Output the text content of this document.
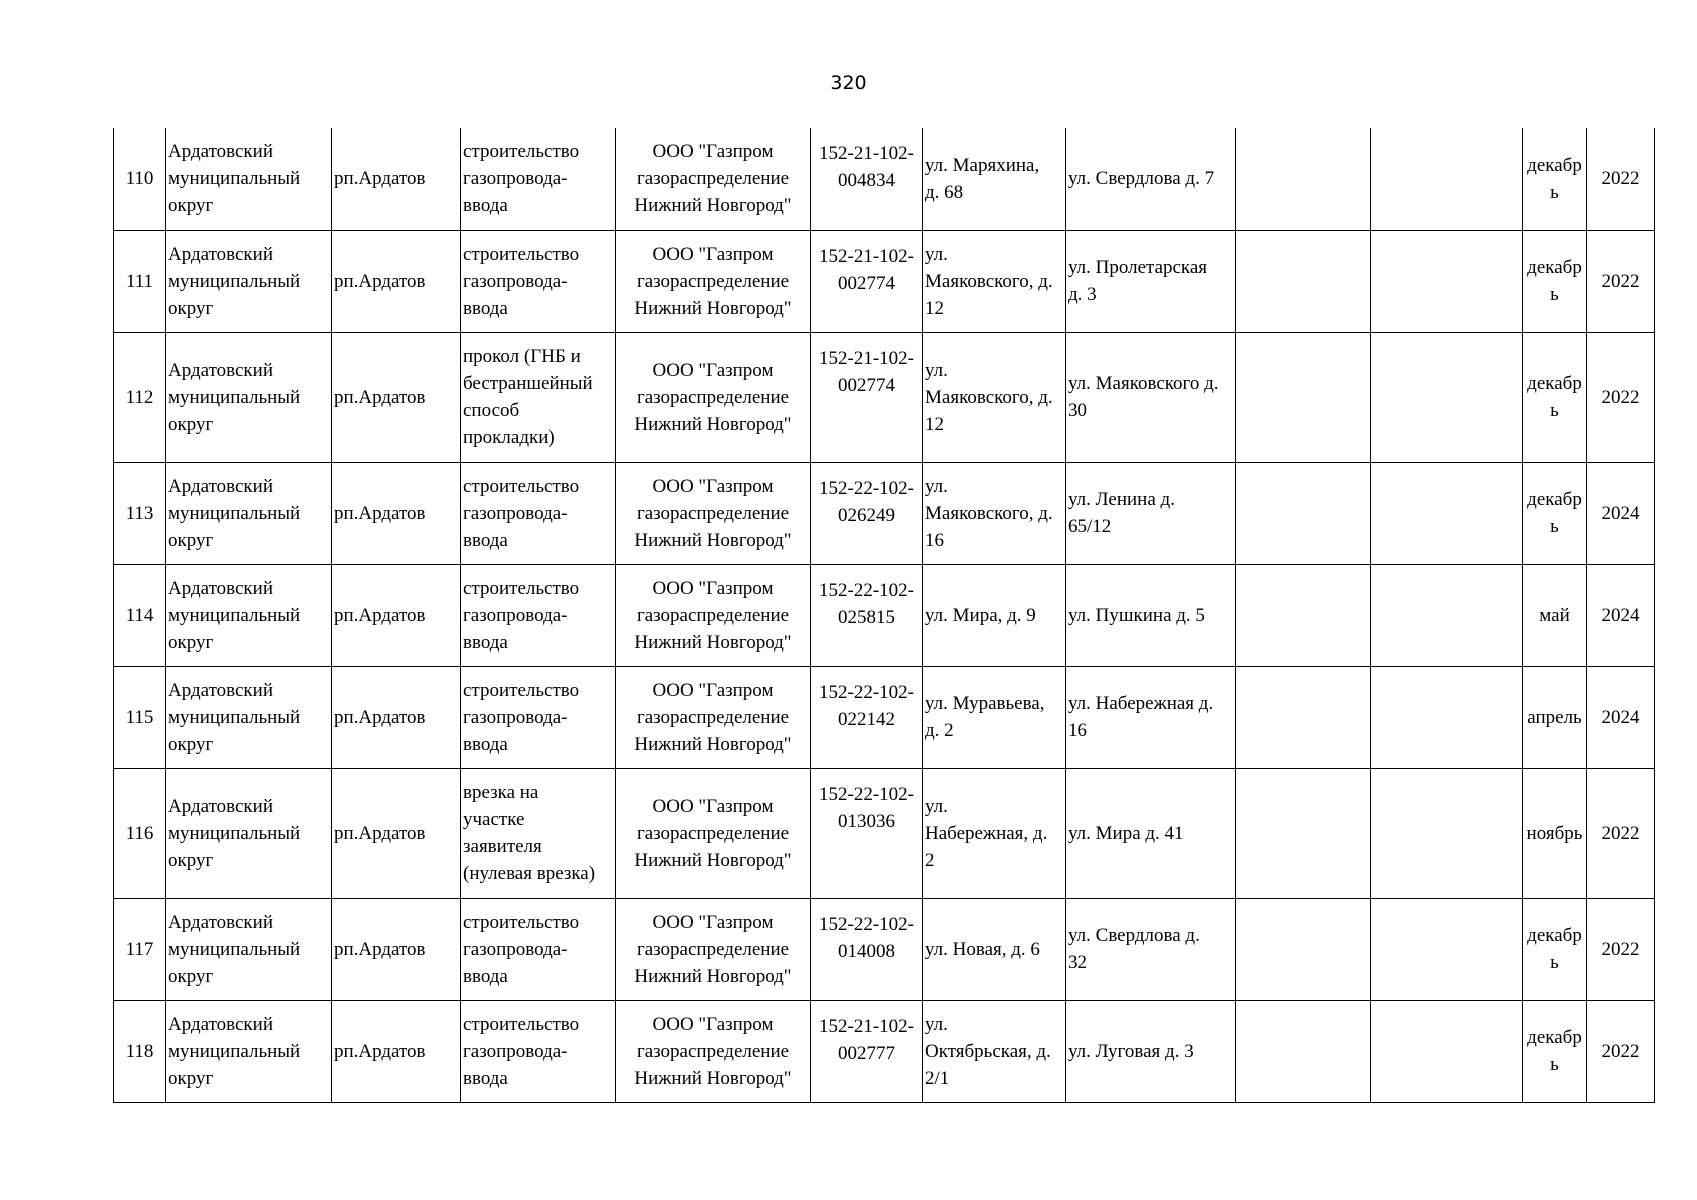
320
110	Ардатовский
муниципальный
округ	рп.Ардатов	строительство
газопровода-
ввода	ООО "Газпром
газораспределение
Нижний Новгород"	152-21-102-
004834	ул. Маряхина,
д. 68	ул. Свердлова д. 7			декабр
ь	2022
111	Ардатовский
муниципальный
округ	рп.Ардатов	строительство
газопровода-
ввода	ООО "Газпром
газораспределение
Нижний Новгород"	152-21-102-
002774	ул.
Маяковского, д.
12	ул. Пролетарская
д. 3			декабр
ь	2022
112	Ардатовский
муниципальный
округ	рп.Ардатов	прокол (ГНБ и
бестраншейный
способ
прокладки)	ООО "Газпром
газораспределение
Нижний Новгород"	152-21-102-
002774	ул.
Маяковского, д.
12	ул. Маяковского д.
30			декабр
ь	2022
113	Ардатовский
муниципальный
округ	рп.Ардатов	строительство
газопровода-
ввода	ООО "Газпром
газораспределение
Нижний Новгород"	152-22-102-
026249	ул.
Маяковского, д.
16	ул. Ленина д.
65/12			декабр
ь	2024
114	Ардатовский
муниципальный
округ	рп.Ардатов	строительство
газопровода-
ввода	ООО "Газпром
газораспределение
Нижний Новгород"	152-22-102-
025815	ул. Мира, д. 9	ул. Пушкина д. 5			май	2024
115	Ардатовский
муниципальный
округ	рп.Ардатов	строительство
газопровода-
ввода	ООО "Газпром
газораспределение
Нижний Новгород"	152-22-102-
022142	ул. Муравьева,
д. 2	ул. Набережная д.
16			апрель	2024
116	Ардатовский
муниципальный
округ	рп.Ардатов	врезка на
участке
заявителя
(нулевая врезка)	ООО "Газпром
газораспределение
Нижний Новгород"	152-22-102-
013036	ул.
Набережная, д.
2	ул. Мира д. 41			ноябрь	2022
117	Ардатовский
муниципальный
округ	рп.Ардатов	строительство
газопровода-
ввода	ООО "Газпром
газораспределение
Нижний Новгород"	152-22-102-
014008	ул. Новая, д. 6	ул. Свердлова д.
32			декабр
ь	2022
118	Ардатовский
муниципальный
округ	рп.Ардатов	строительство
газопровода-
ввода	ООО "Газпром
газораспределение
Нижний Новгород"	152-21-102-
002777	ул.
Октябрьская, д.
2/1	ул. Луговая д. 3			декабр
ь	2022
